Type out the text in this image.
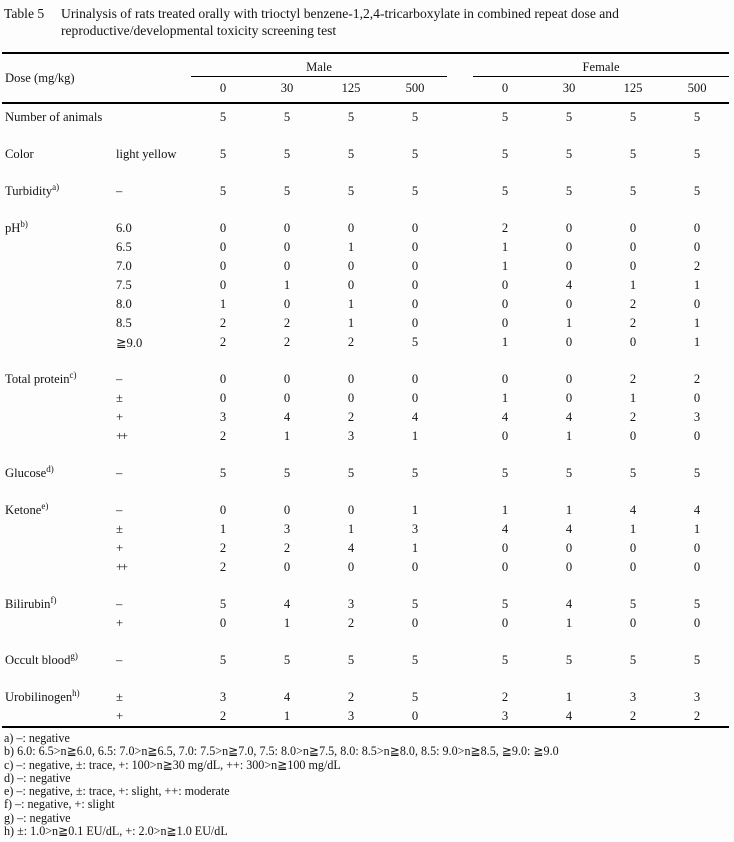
Table 5	Urinalysis of rats treated orally with trioctyl benzene-1,2,4-tricarboxylate in combined repeat dose and
reproductive/developmental toxicity screening test
Dose (mg/kg)		Male					Female			
		0	30	125	500		0	30	125	500
Number of animals		5	5	5	5		5	5	5	5

Color	light yellow	5	5	5	5		5	5	5	5

Turbidity$^{a)}$	–	5	5	5	5		5	5	5	5

$pH^{b)}$	6.0	0	0	0	0		2	0	0	0
	6.5	0	0	1	0		1	0	0	0
	7.0	0	0	0	0		1	0	0	2
	7.5	0	1	0	0		0	4	1	1
	8.0	1	0	1	0		0	0	2	0
	8.5	2	2	1	0		0	1	2	1
	≧9.0	2	2	2	5		1	0	0	1

Total protein$^{c)}$	–	0	0	0	0		0	0	2	2
	±	0	0	0	0		1	0	1	0
	+	3	4	2	4		4	4	2	3
	++	2	1	3	1		0	1	0	0

Glucose$^{d)}$	–	5	5	5	5		5	5	5	5

Ketone$^{e)}$	–	0	0	0	1		1	1	4	4
	±	1	3	1	3		4	4	1	1
	+	2	2	4	1		0	0	0	0
	++	2	0	0	0		0	0	0	0

Bilirubin$^{f)}$	–	5	4	3	5		5	4	5	5
	+	0	1	2	0		0	1	0	0

Occult blood$^{g)}$	–	5	5	5	5		5	5	5	5

Urobilinogen$^{h)}$	±	3	4	2	5		2	1	3	3
	+	2	1	3	0		3	4	2	2
a) –: negative
b) 6.0: 6.5>n≧6.0, 6.5: 7.0>n≧6.5, 7.0: 7.5>n≧7.0, 7.5: 8.0>n≧7.5, 8.0: 8.5>n≧8.0, 8.5: 9.0>n≧8.5, ≧9.0: ≧9.0
c) –: negative, ±: trace, +: 100>n≧30 mg/dL, ++: 300>n≧100 mg/dL
d) –: negative
e) –: negative, ±: trace, +: slight, ++: moderate
f) –: negative, +: slight
g) –: negative
h) ±: 1.0>n≧0.1 EU/dL, +: 2.0>n≧1.0 EU/dL
